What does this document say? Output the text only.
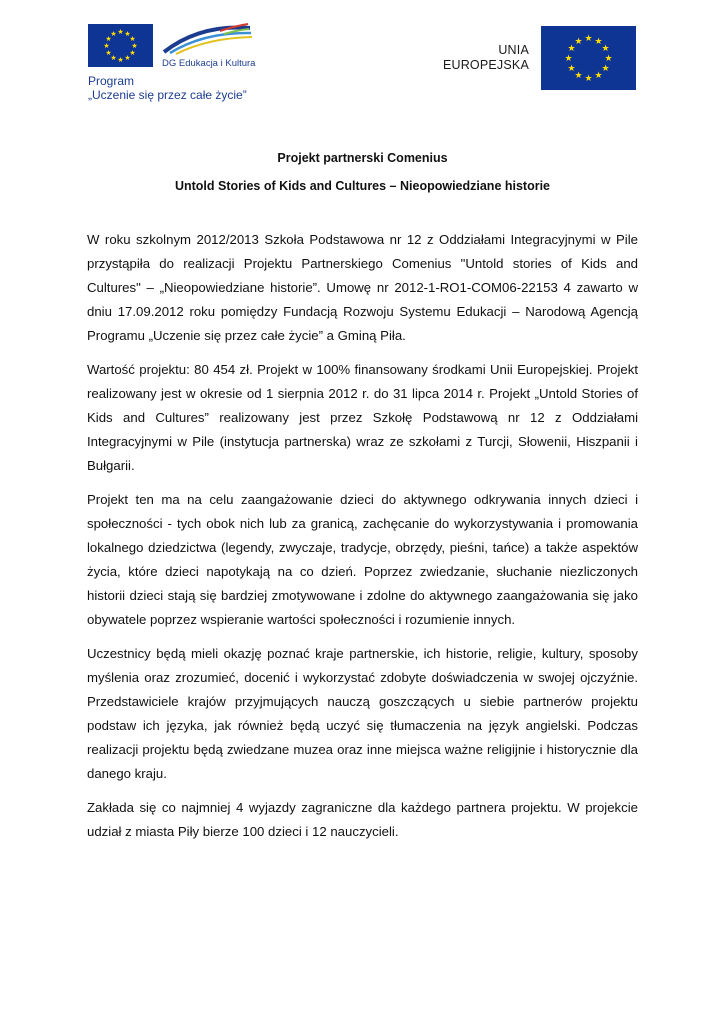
★ ★
★
★
★
★
★
★
★
★
★
★
DG Edukacja i Kultura
Program
„Uczenie się przez całe życie”
UNIA
EUROPEJSKA
★ ★
★
★
★
★
★
★
★
★
★
★
Projekt partnerski Comenius
Untold Stories of Kids and Cultures – Nieopowiedziane historie

W roku szkolnym 2012/2013 Szkoła Podstawowa nr 12 z Oddziałami Integracyjnymi w Pile przystąpiła do realizacji Projektu Partnerskiego Comenius "Untold stories of Kids and Cultures" – „Nieopowiedziane historie”. Umowę nr 2012-1-RO1-COM06-22153 4 zawarto w dniu 17.09.2012 roku pomiędzy Fundacją Rozwoju Systemu Edukacji – Narodową Agencją Programu „Uczenie się przez całe życie” a Gminą Piła.

Wartość projektu: 80 454 zł. Projekt w 100% finansowany środkami Unii Europejskiej. Projekt realizowany jest w okresie od 1 sierpnia 2012 r. do 31 lipca 2014 r. Projekt „Untold Stories of Kids and Cultures” realizowany jest przez Szkołę Podstawową nr 12 z Oddziałami Integracyjnymi w Pile (instytucja partnerska) wraz ze szkołami z Turcji, Słowenii, Hiszpanii i Bułgarii.

Projekt ten ma na celu zaangażowanie dzieci do aktywnego odkrywania innych dzieci i społeczności - tych obok nich lub za granicą, zachęcanie do wykorzystywania i promowania lokalnego dziedzictwa (legendy, zwyczaje, tradycje, obrzędy, pieśni, tańce) a także aspektów życia, które dzieci napotykają na co dzień. Poprzez zwiedzanie, słuchanie niezliczonych historii dzieci stają się bardziej zmotywowane i zdolne do aktywnego zaangażowania się jako obywatele poprzez wspieranie wartości społeczności i rozumienie innych.

Uczestnicy będą mieli okazję poznać kraje partnerskie, ich historie, religie, kultury, sposoby myślenia oraz zrozumieć, docenić i wykorzystać zdobyte doświadczenia w swojej ojczyźnie. Przedstawiciele krajów przyjmujących nauczą goszczących u siebie partnerów projektu podstaw ich języka, jak również będą uczyć się tłumaczenia na język angielski. Podczas realizacji projektu będą zwiedzane muzea oraz inne miejsca ważne religijnie i historycznie dla danego kraju.

Zakłada się co najmniej 4 wyjazdy zagraniczne dla każdego partnera projektu. W projekcie udział z miasta Piły bierze 100 dzieci i 12 nauczycieli.
